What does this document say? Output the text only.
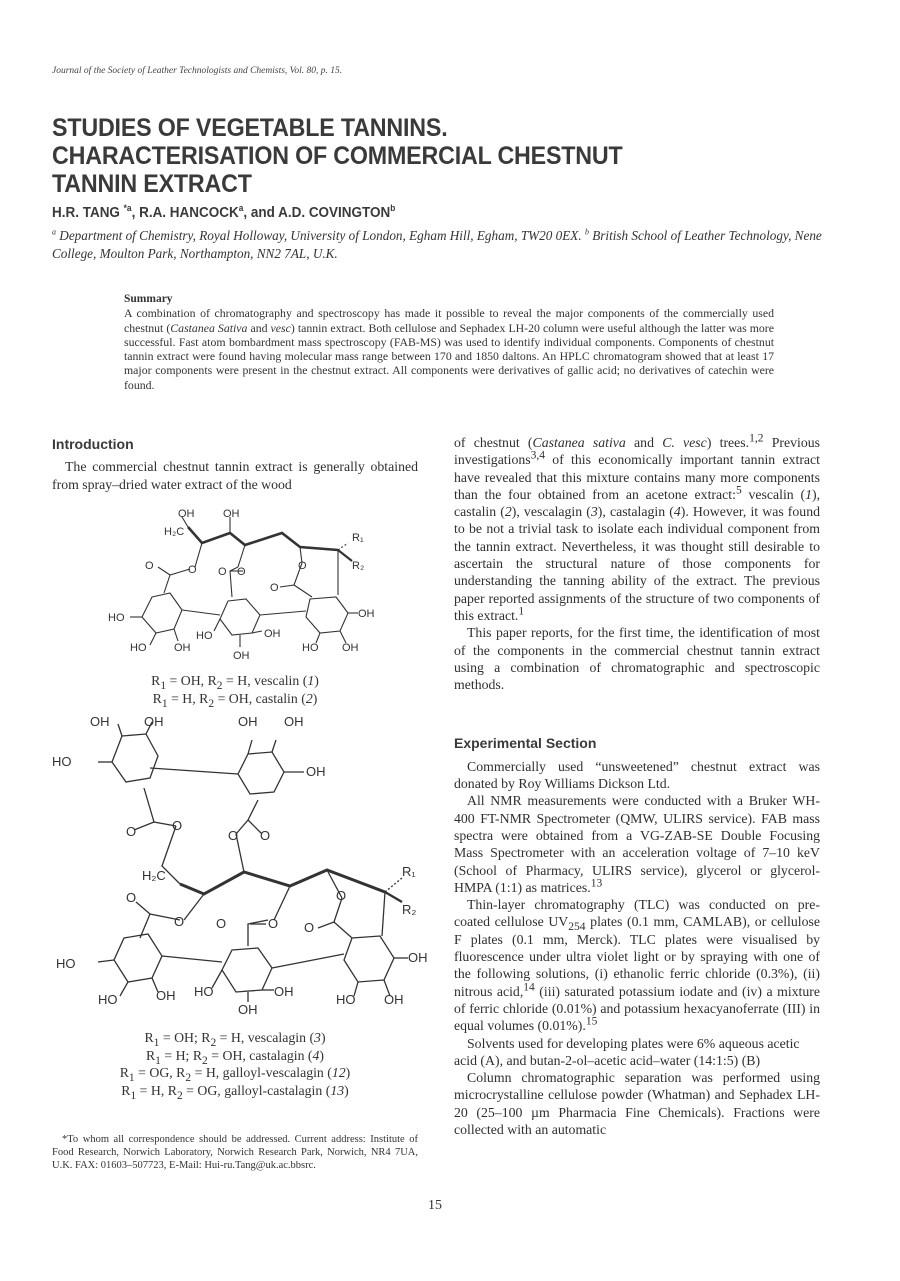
Journal of the Society of Leather Technologists and Chemists, Vol. 80, p. 15.
STUDIES OF VEGETABLE TANNINS.
CHARACTERISATION OF COMMERCIAL CHESTNUT
TANNIN EXTRACT
H.R. TANG $^{*a}$, R.A. HANCOCK$^a$, and A.D. COVINGTON$^b$
$^a$ Department of Chemistry, Royal Holloway, University of London, Egham Hill, Egham, TW20 0EX. $^b$ British School of Leather Technology, Nene College, Moulton Park, Northampton, NN2 7AL, U.K.
Summary
A combination of chromatography and spectroscopy has made it possible to reveal the major components of the commercially used chestnut (Castanea Sativa and vesc) tannin extract. Both cellulose and Sephadex LH-20 column were useful although the latter was more successful. Fast atom bombardment mass spectroscopy (FAB-MS) was used to identify individual components. Components of chestnut tannin extract were found having molecular mass range between 170 and 1850 daltons. An HPLC chromatogram showed that at least 17 major components were present in the chestnut extract. All components were derivatives of gallic acid; no derivatives of catechin were found.
Introduction

The commercial chestnut tannin extract is generally obtained from spray–dried water extract of the wood

OH	OH
H₂C	R₁
R₂
O	O O O	O
O
HO
HO	OH
HO	OH
OH
OH
HO OH
$R_1$ = OH, $R_2 = H$, vescalin (1)
$R_1 = H$, $R_2$ = OH, castalin (2)
OH	OH
HO
OH OH
OH
O	O
O O
H₂C	R₁
R₂
O
O O	O
O
O
HO
HO	OH HO	OH
OH
OH
HO OH
$R_1$ = OH; $R_2 = H$, vescalagin (3)
$R_1 = H$; $R_2$ = OH, castalagin (4)
$R_1$ = OG, $R_2 = H$, galloyl-vescalagin (12)
$R_1 = H$, $R_2$ = OG, galloyl-castalagin (13)

*To whom all correspondence should be addressed. Current address: Institute of Food Research, Norwich Laboratory, Norwich Research Park, Norwich, NR4 7UA, U.K. FAX: 01603–507723, E-Mail: Hui-ru.Tang@uk.ac.bbsrc.

of chestnut (Castanea sativa and C. vesc) trees.$^{1,2}$ Previous investigations$^{3,4}$ of this economically important tannin extract have revealed that this mixture contains many more components than the four obtained from an acetone extract:$^5$ vescalin (1), castalin (2), vescalagin (3), castalagin (4). However, it was found to be not a trivial task to isolate each individual component from the tannin extract. Nevertheless, it was thought still desirable to ascertain the structural nature of those components for understanding the tanning ability of the extract. The previous paper reported assignments of the structure of two components of this extract.$^1$

This paper reports, for the first time, the identification of most of the components in the commercial chestnut tannin extract using a combination of chromatographic and spectroscopic methods.

Experimental Section

Commercially used “unsweetened” chestnut extract was donated by Roy Williams Dickson Ltd.

All NMR measurements were conducted with a Bruker WH-400 FT-NMR Spectrometer (QMW, ULIRS service). FAB mass spectra were obtained from a VG-ZAB-SE Double Focusing Mass Spectrometer with an acceleration voltage of 7–10 keV (School of Pharmacy, ULIRS service), glycerol or glycerol-HMPA (1:1) as matrices.$^{13}$

Thin-layer chromatography (TLC) was conducted on pre-coated cellulose $UV_{254}$ plates (0.1 mm, CAMLAB), or cellulose F plates (0.1 mm, Merck). TLC plates were visualised by fluorescence under ultra violet light or by spraying with one of the following solutions, (i) ethanolic ferric chloride (0.3%), (ii) nitrous acid,$^{14}$ (iii) saturated potassium iodate and (iv) a mixture of ferric chloride (0.01%) and potassium hexacyanoferrate (III) in equal volumes (0.01%).$^{15}$

Solvents used for developing plates were 6% aqueous acetic acid (A), and butan-2-ol–acetic acid–water (14:1:5) (B)

Column chromatographic separation was performed using microcrystalline cellulose powder (Whatman) and Sephadex LH-20 (25–100 µm Pharmacia Fine Chemicals). Fractions were collected with an automatic

15
